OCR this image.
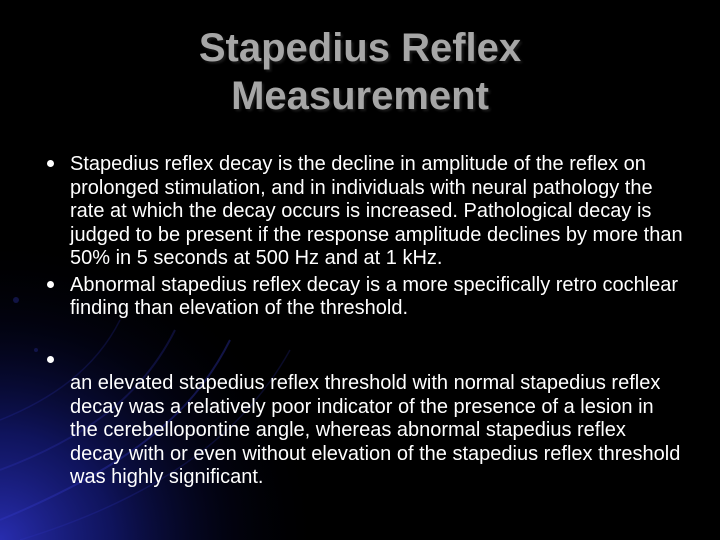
Stapedius Reflex
Measurement
Stapedius reflex decay is the decline in amplitude of the reflex on prolonged stimulation, and in individuals with neural pathology the rate at which the decay occurs is increased. Pathological decay is judged to be present if the response amplitude declines by more than 50% in 5 seconds at 500 Hz and at 1 kHz.
Abnormal stapedius reflex decay is a more specifically retro cochlear finding than elevation of the threshold.
an elevated stapedius reflex threshold with normal stapedius reflex decay was a relatively poor indicator of the presence of a lesion in the cerebellopontine angle, whereas abnormal stapedius reflex decay with or even without elevation of the stapedius reflex threshold was highly significant.
